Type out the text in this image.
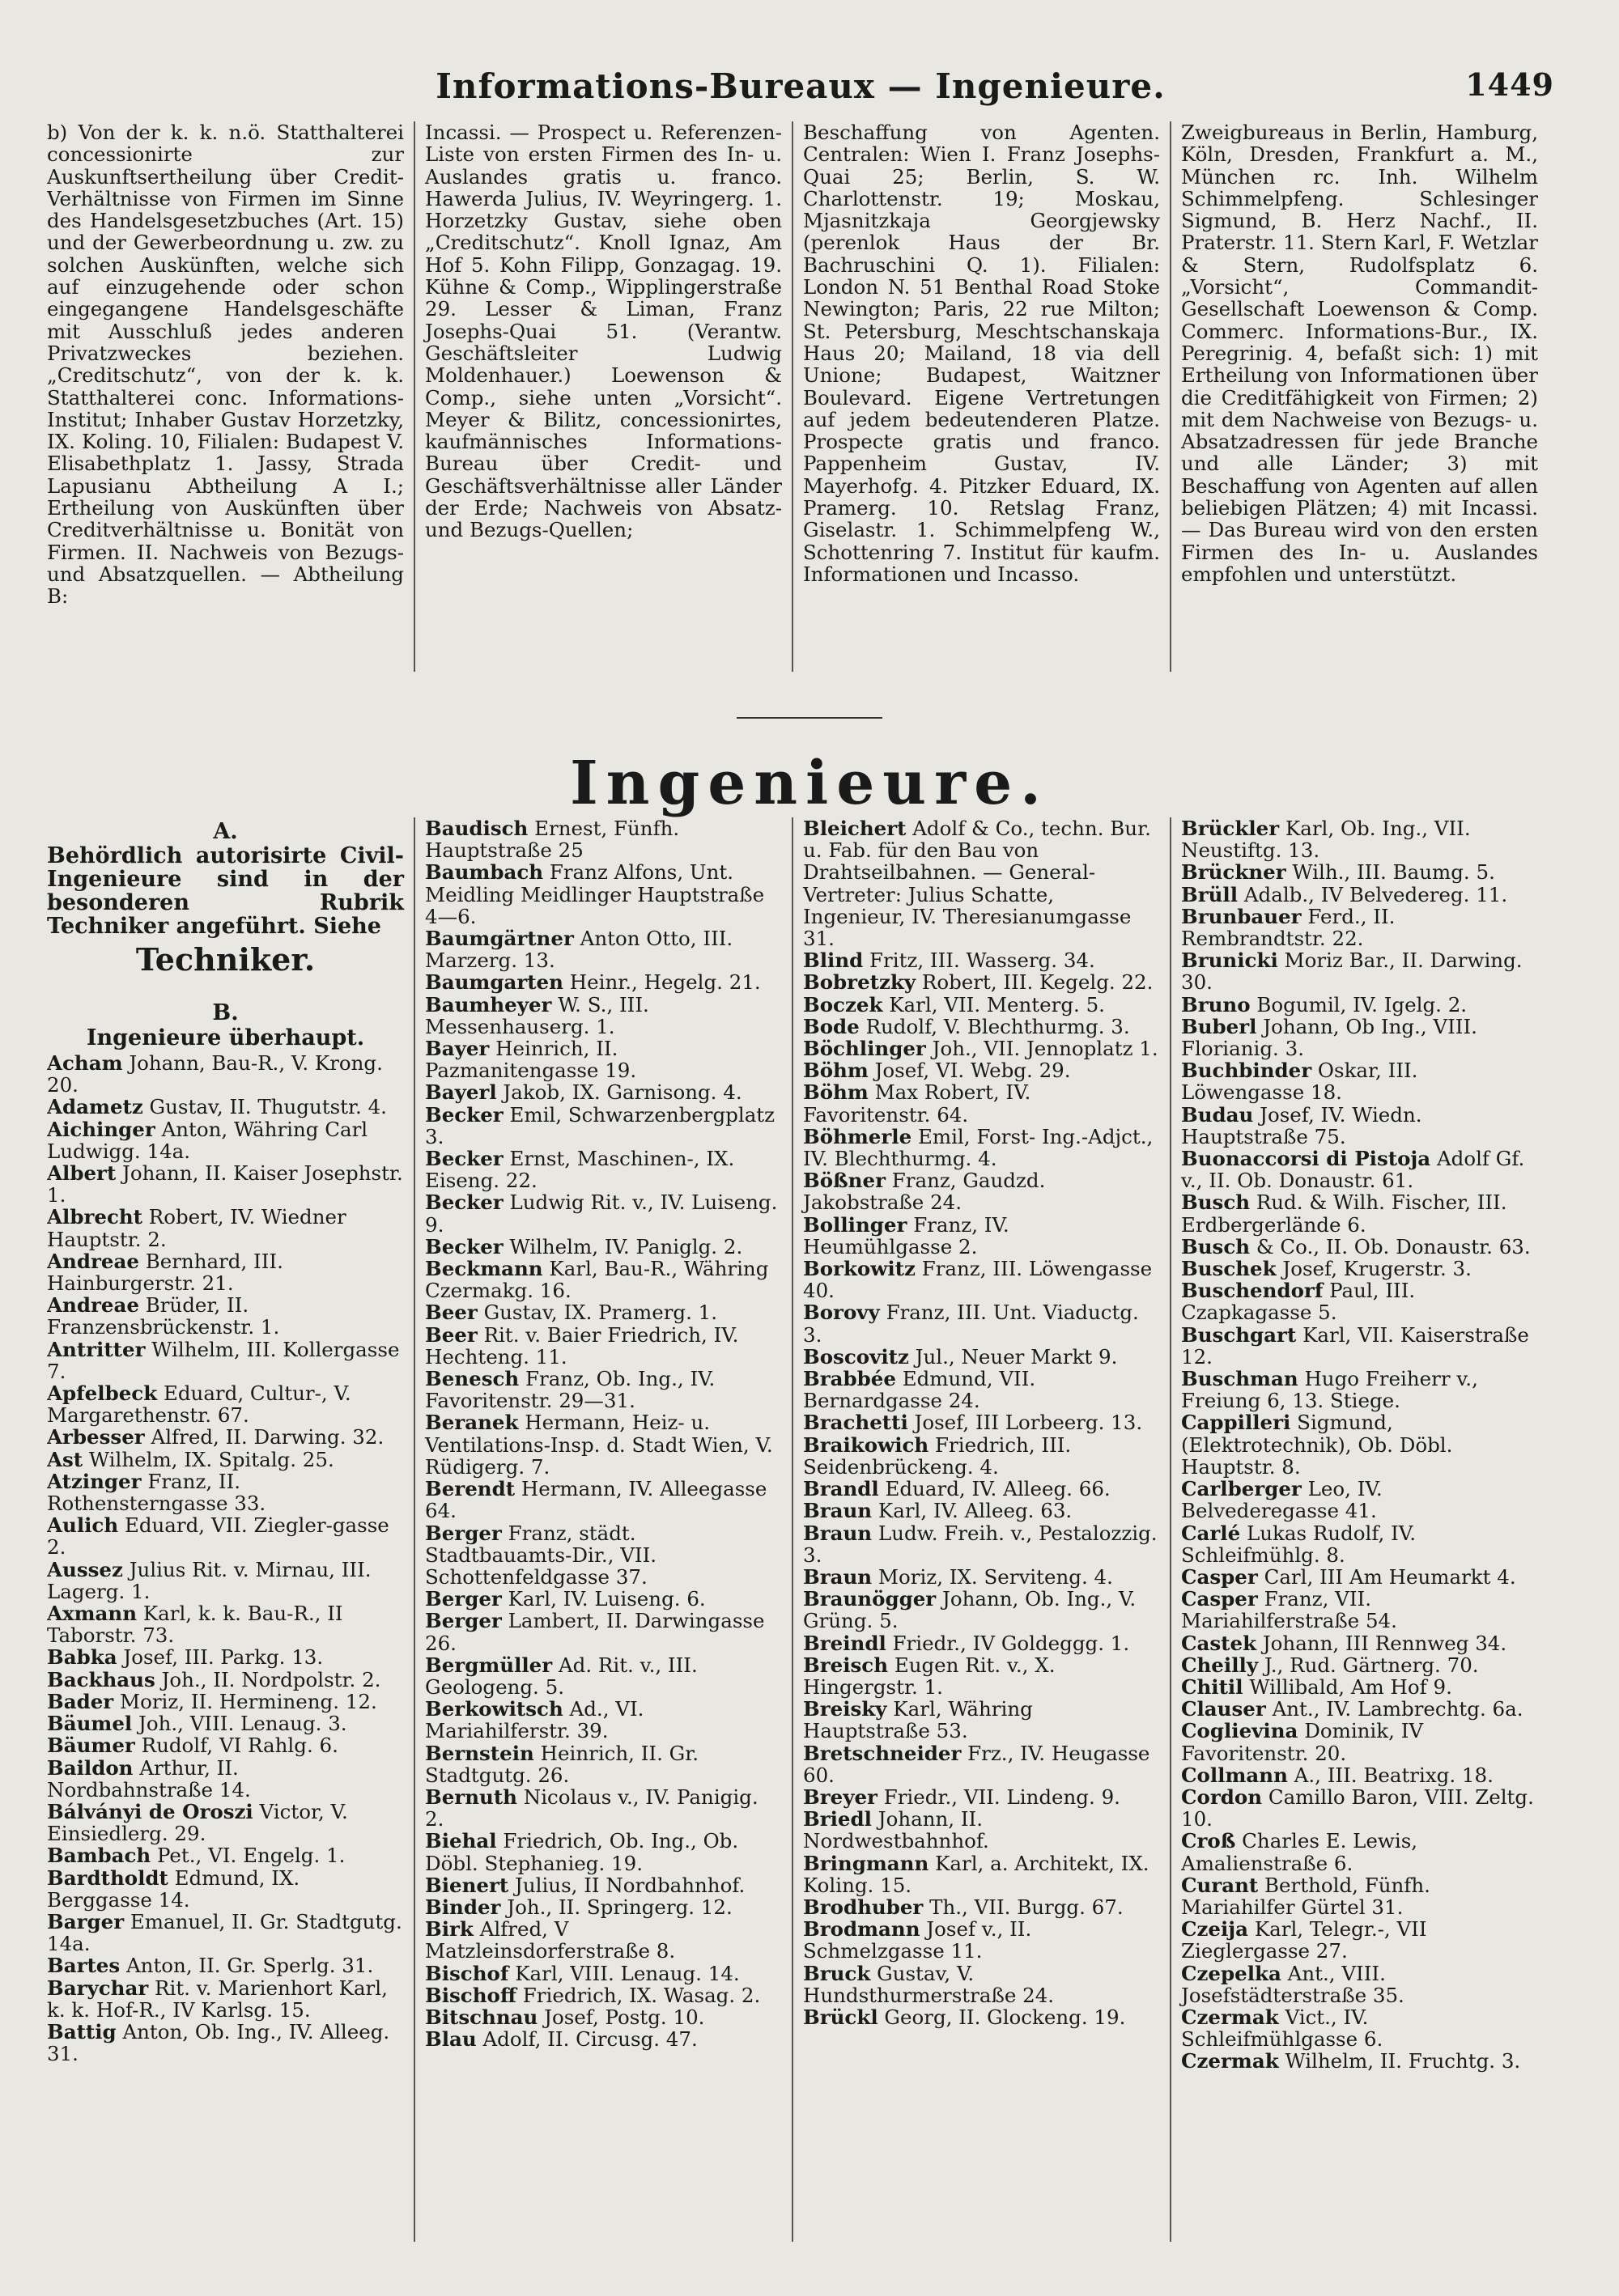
Informations-Bureaux — Ingenieure.	1449

b) Von der k. k. n.ö. Statthalterei concessionirte zur Auskunftsertheilung über Credit-Verhältnisse von Firmen im Sinne des Handelsgesetzbuches (Art. 15) und der Gewerbeordnung u. zw. zu solchen Auskünften, welche sich auf einzugehende oder schon eingegangene Handelsgeschäfte mit Ausschluß jedes anderen Privatzweckes beziehen. „Creditschutz“, von der k. k. Statthalterei conc. Informations-Institut; Inhaber Gustav Horzetzky, IX. Koling. 10, Filialen: Budapest V. Elisabethplatz 1. Jassy, Strada Lapusianu Abtheilung A I.; Ertheilung von Auskünften über Creditverhältnisse u. Bonität von Firmen. II. Nachweis von Bezugs- und Absatzquellen. — Abtheilung B:

Incassi. — Prospect u. Referenzen-Liste von ersten Firmen des In- u. Auslandes gratis u. franco. Hawerda Julius, IV. Weyringerg. 1. Horzetzky Gustav, siehe oben „Creditschutz“. Knoll Ignaz, Am Hof 5. Kohn Filipp, Gonzagag. 19. Kühne & Comp., Wipplingerstraße 29. Lesser & Liman, Franz Josephs-Quai 51. (Verantw. Geschäftsleiter Ludwig Moldenhauer.) Loewenson & Comp., siehe unten „Vorsicht“. Meyer & Bilitz, concessionirtes, kaufmännisches Informations-Bureau über Credit- und Geschäftsverhältnisse aller Länder der Erde; Nachweis von Absatz- und Bezugs-Quellen;

Beschaffung von Agenten. Centralen: Wien I. Franz Josephs-Quai 25; Berlin, S. W. Charlottenstr. 19; Moskau, Mjasnitzkaja Georgjewsky (perenlok Haus der Br. Bachruschini Q. 1). Filialen: London N. 51 Benthal Road Stoke Newington; Paris, 22 rue Milton; St. Petersburg, Meschtschanskaja Haus 20; Mailand, 18 via dell Unione; Budapest, Waitzner Boulevard. Eigene Vertretungen auf jedem bedeutenderen Platze. Prospecte gratis und franco. Pappenheim Gustav, IV. Mayerhofg. 4. Pitzker Eduard, IX. Pramerg. 10. Retslag Franz, Giselastr. 1. Schimmelpfeng W., Schottenring 7. Institut für kaufm. Informationen und Incasso.

Zweigbureaus in Berlin, Hamburg, Köln, Dresden, Frankfurt a. M., München rc. Inh. Wilhelm Schimmelpfeng. Schlesinger Sigmund, B. Herz Nachf., II. Praterstr. 11. Stern Karl, F. Wetzlar & Stern, Rudolfsplatz 6. „Vorsicht“, Commandit-Gesellschaft Loewenson & Comp. Commerc. Informations-Bur., IX. Peregrinig. 4, befaßt sich: 1) mit Ertheilung von Informationen über die Creditfähigkeit von Firmen; 2) mit dem Nachweise von Bezugs- u. Absatzadressen für jede Branche und alle Länder; 3) mit Beschaffung von Agenten auf allen beliebigen Plätzen; 4) mit Incassi. — Das Bureau wird von den ersten Firmen des In- u. Auslandes empfohlen und unterstützt.

Ingenieure.
A.

Behördlich autorisirte Civil-Ingenieure sind in der besonderen Rubrik Techniker angeführt. Siehe

Techniker.
B.
Ingenieure überhaupt.

Acham Johann, Bau-R., V. Krong. 20.

Adametz Gustav, II. Thugutstr. 4.

Aichinger Anton, Währing Carl Ludwigg. 14a.

Albert Johann, II. Kaiser Josephstr. 1.

Albrecht Robert, IV. Wiedner Hauptstr. 2.

Andreae Bernhard, III. Hainburgerstr. 21.

Andreae Brüder, II. Franzensbrückenstr. 1.

Antritter Wilhelm, III. Kollergasse 7.

Apfelbeck Eduard, Cultur-, V. Margarethenstr. 67.

Arbesser Alfred, II. Darwing. 32.

Ast Wilhelm, IX. Spitalg. 25.

Atzinger Franz, II. Rothensterngasse 33.

Aulich Eduard, VII. Ziegler-gasse 2.

Aussez Julius Rit. v. Mirnau, III. Lagerg. 1.

Axmann Karl, k. k. Bau-R., II Taborstr. 73.

Babka Josef, III. Parkg. 13.

Backhaus Joh., II. Nordpolstr. 2.

Bader Moriz, II. Hermineng. 12.

Bäumel Joh., VIII. Lenaug. 3.

Bäumer Rudolf, VI Rahlg. 6.

Baildon Arthur, II. Nordbahnstraße 14.

Bálványi de Oroszi Victor, V. Einsiedlerg. 29.

Bambach Pet., VI. Engelg. 1.

Bardtholdt Edmund, IX. Berggasse 14.

Barger Emanuel, II. Gr. Stadtgutg. 14a.

Bartes Anton, II. Gr. Sperlg. 31.

Barychar Rit. v. Marienhort Karl, k. k. Hof-R., IV Karlsg. 15.

Battig Anton, Ob. Ing., IV. Alleeg. 31.

Baudisch Ernest, Fünfh. Hauptstraße 25

Baumbach Franz Alfons, Unt. Meidling Meidlinger Hauptstraße 4—6.

Baumgärtner Anton Otto, III. Marzerg. 13.

Baumgarten Heinr., Hegelg. 21.

Baumheyer W. S., III. Messenhauserg. 1.

Bayer Heinrich, II. Pazmanitengasse 19.

Bayerl Jakob, IX. Garnisong. 4.

Becker Emil, Schwarzenbergplatz 3.

Becker Ernst, Maschinen-, IX. Eiseng. 22.

Becker Ludwig Rit. v., IV. Luiseng. 9.

Becker Wilhelm, IV. Paniglg. 2.

Beckmann Karl, Bau-R., Währing Czermakg. 16.

Beer Gustav, IX. Pramerg. 1.

Beer Rit. v. Baier Friedrich, IV. Hechteng. 11.

Benesch Franz, Ob. Ing., IV. Favoritenstr. 29—31.

Beranek Hermann, Heiz- u. Ventilations-Insp. d. Stadt Wien, V. Rüdigerg. 7.

Berendt Hermann, IV. Alleegasse 64.

Berger Franz, städt. Stadtbauamts-Dir., VII. Schottenfeldgasse 37.

Berger Karl, IV. Luiseng. 6.

Berger Lambert, II. Darwingasse 26.

Bergmüller Ad. Rit. v., III. Geologeng. 5.

Berkowitsch Ad., VI. Mariahilferstr. 39.

Bernstein Heinrich, II. Gr. Stadtgutg. 26.

Bernuth Nicolaus v., IV. Panigig. 2.

Biehal Friedrich, Ob. Ing., Ob. Döbl. Stephanieg. 19.

Bienert Julius, II Nordbahnhof.

Binder Joh., II. Springerg. 12.

Birk Alfred, V Matzleinsdorferstraße 8.

Bischof Karl, VIII. Lenaug. 14.

Bischoff Friedrich, IX. Wasag. 2.

Bitschnau Josef, Postg. 10.

Blau Adolf, II. Circusg. 47.

Bleichert Adolf & Co., techn. Bur. u. Fab. für den Bau von Drahtseilbahnen. — General-Vertreter: Julius Schatte, Ingenieur, IV. Theresianumgasse 31.

Blind Fritz, III. Wasserg. 34.

Bobretzky Robert, III. Kegelg. 22.

Boczek Karl, VII. Menterg. 5.

Bode Rudolf, V. Blechthurmg. 3.

Böchlinger Joh., VII. Jennoplatz 1.

Böhm Josef, VI. Webg. 29.

Böhm Max Robert, IV. Favoritenstr. 64.

Böhmerle Emil, Forst- Ing.-Adjct., IV. Blechthurmg. 4.

Bößner Franz, Gaudzd. Jakobstraße 24.

Bollinger Franz, IV. Heumühlgasse 2.

Borkowitz Franz, III. Löwengasse 40.

Borovy Franz, III. Unt. Viaductg. 3.

Boscovitz Jul., Neuer Markt 9.

Brabbée Edmund, VII. Bernardgasse 24.

Brachetti Josef, III Lorbeerg. 13.

Braikowich Friedrich, III. Seidenbrückeng. 4.

Brandl Eduard, IV. Alleeg. 66.

Braun Karl, IV. Alleeg. 63.

Braun Ludw. Freih. v., Pestalozzig. 3.

Braun Moriz, IX. Serviteng. 4.

Braunögger Johann, Ob. Ing., V. Grüng. 5.

Breindl Friedr., IV Goldeggg. 1.

Breisch Eugen Rit. v., X. Hingergstr. 1.

Breisky Karl, Währing Hauptstraße 53.

Bretschneider Frz., IV. Heugasse 60.

Breyer Friedr., VII. Lindeng. 9.

Briedl Johann, II. Nordwestbahnhof.

Bringmann Karl, a. Architekt, IX. Koling. 15.

Brodhuber Th., VII. Burgg. 67.

Brodmann Josef v., II. Schmelzgasse 11.

Bruck Gustav, V. Hundsthurmerstraße 24.

Brückl Georg, II. Glockeng. 19.

Brückler Karl, Ob. Ing., VII. Neustiftg. 13.

Brückner Wilh., III. Baumg. 5.

Brüll Adalb., IV Belvedereg. 11.

Brunbauer Ferd., II. Rembrandtstr. 22.

Brunicki Moriz Bar., II. Darwing. 30.

Bruno Bogumil, IV. Igelg. 2.

Buberl Johann, Ob Ing., VIII. Florianig. 3.

Buchbinder Oskar, III. Löwengasse 18.

Budau Josef, IV. Wiedn. Hauptstraße 75.

Buonaccorsi di Pistoja Adolf Gf. v., II. Ob. Donaustr. 61.

Busch Rud. & Wilh. Fischer, III. Erdbergerlände 6.

Busch & Co., II. Ob. Donaustr. 63.

Buschek Josef, Krugerstr. 3.

Buschendorf Paul, III. Czapkagasse 5.

Buschgart Karl, VII. Kaiserstraße 12.

Buschman Hugo Freiherr v., Freiung 6, 13. Stiege.

Cappilleri Sigmund, (Elektrotechnik), Ob. Döbl. Hauptstr. 8.

Carlberger Leo, IV. Belvederegasse 41.

Carlé Lukas Rudolf, IV. Schleifmühlg. 8.

Casper Carl, III Am Heumarkt 4.

Casper Franz, VII. Mariahilferstraße 54.

Castek Johann, III Rennweg 34.

Cheilly J., Rud. Gärtnerg. 70.

Chitil Willibald, Am Hof 9.

Clauser Ant., IV. Lambrechtg. 6a.

Coglievina Dominik, IV Favoritenstr. 20.

Collmann A., III. Beatrixg. 18.

Cordon Camillo Baron, VIII. Zeltg. 10.

Croß Charles E. Lewis, Amalienstraße 6.

Curant Berthold, Fünfh. Mariahilfer Gürtel 31.

Czeija Karl, Telegr.-, VII Zieglergasse 27.

Czepelka Ant., VIII. Josefstädterstraße 35.

Czermak Vict., IV. Schleifmühlgasse 6.

Czermak Wilhelm, II. Fruchtg. 3.
